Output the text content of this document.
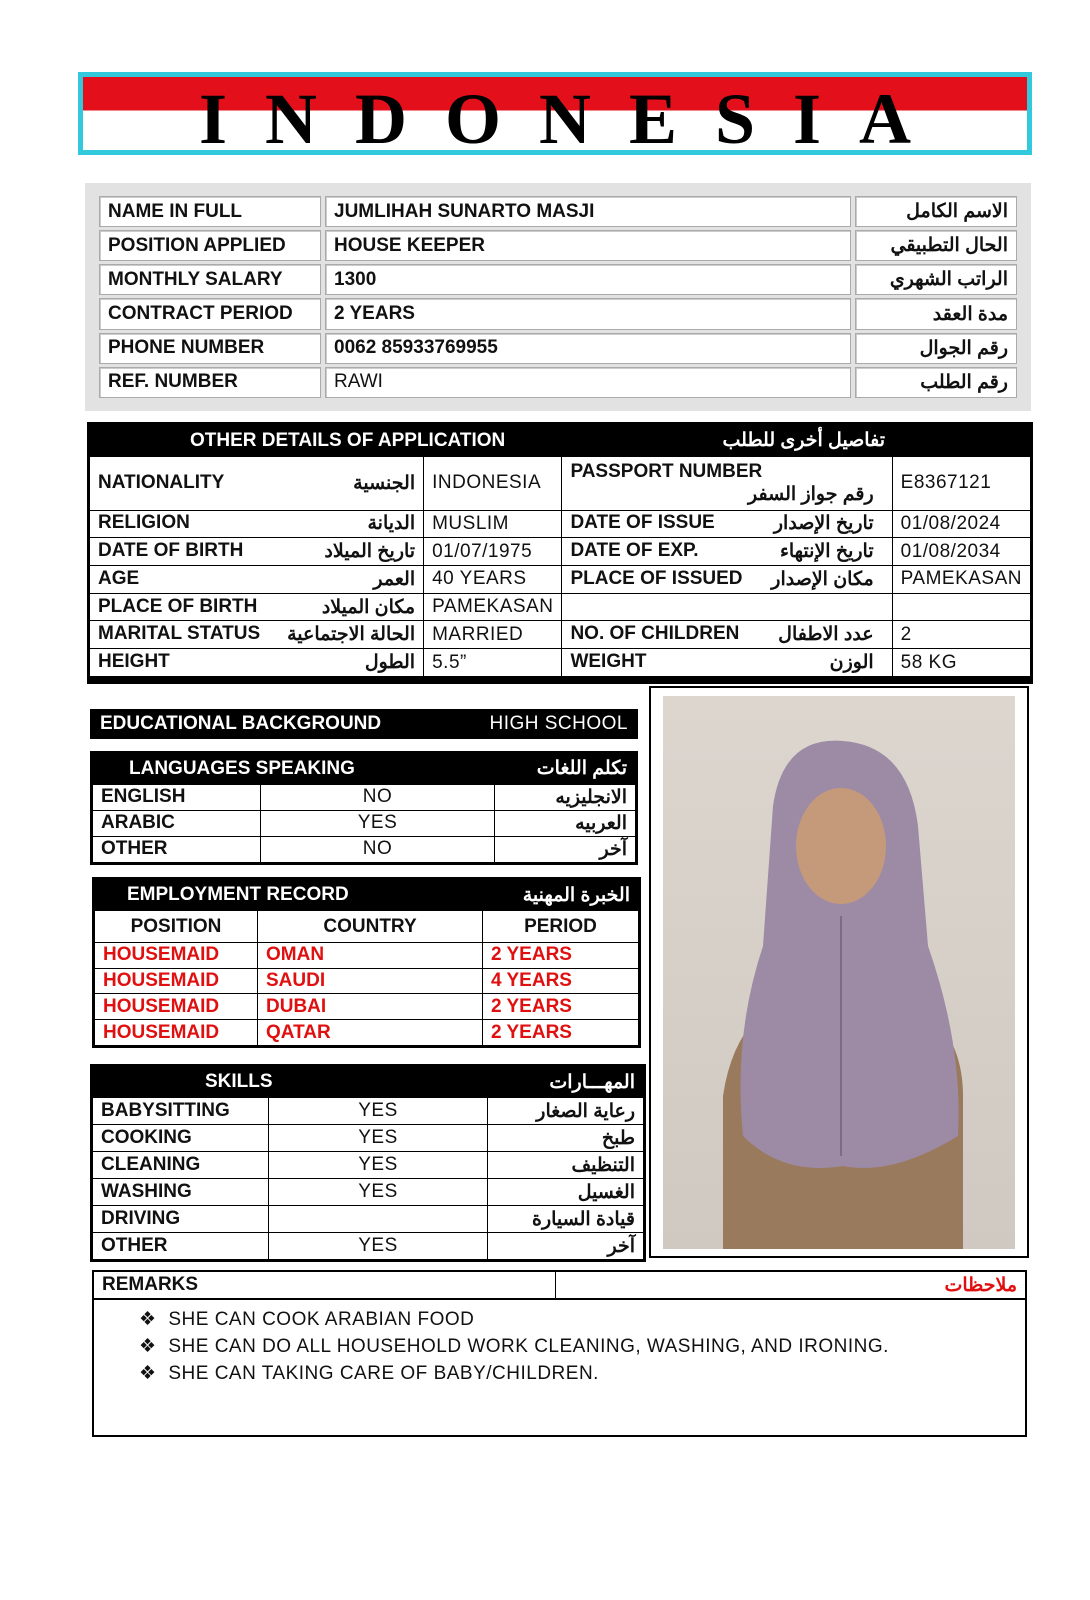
INDONESIA
NAME IN FULL	JUMLIHAH SUNARTO MASJI	الاسم الكامل
POSITION APPLIED	HOUSE KEEPER	الحال التطبيقي
MONTHLY SALARY	1300	الراتب الشهري
CONTRACT PERIOD	2 YEARS	مدة العقد
PHONE NUMBER	0062 85933769955	رقم الجوال
REF. NUMBER	RAWI	رقم الطلب
OTHER DETAILS OF APPLICATION		تفاصيل أخرى للطلب	
NATIONALITY الجنسية	INDONESIA	PASSPORT NUMBER
رقم جواز السفر	E8367121
RELIGION الديانة	MUSLIM	DATE OF ISSUE تاريخ الإصدار	01/08/2024
DATE OF BIRTH تاريخ الميلاد	01/07/1975	DATE OF EXP. تاريخ الإنتهاء	01/08/2034
AGE العمر	40 YEARS	PLACE OF ISSUED مكان الإصدار	PAMEKASAN
PLACE OF BIRTH مكان الميلاد	PAMEKASAN	

MARITAL STATUS الحالة الاجتماعية	MARRIED	NO. OF CHILDREN عدد الاطفال	2
HEIGHT الطول	5.5”	WEIGHT الوزن	58 KG
EDUCATIONAL BACKGROUND	HIGH SCHOOL
LANGUAGES SPEAKING		تكلم اللغات
ENGLISH	NO	الانجليزيه
ARABIC	YES	العربيه
OTHER	NO	آخر
EMPLOYMENT RECORD		الخبرة المهنية
POSITION	COUNTRY	PERIOD
HOUSEMAID	OMAN	2 YEARS
HOUSEMAID	SAUDI	4 YEARS
HOUSEMAID	DUBAI	2 YEARS
HOUSEMAID	QATAR	2 YEARS
SKILLS		المهـــارات
BABYSITTING	YES	رعاية الصغار
COOKING	YES	طبخ
CLEANING	YES	التنظيف
WASHING	YES	الغسيل
DRIVING		قيادة السيارة
OTHER	YES	آخر
REMARKS	ملاحظات
❖ SHE CAN COOK ARABIAN FOOD
❖ SHE CAN DO ALL HOUSEHOLD WORK CLEANING, WASHING, AND IRONING.
❖ SHE CAN TAKING CARE OF BABY/CHILDREN.
